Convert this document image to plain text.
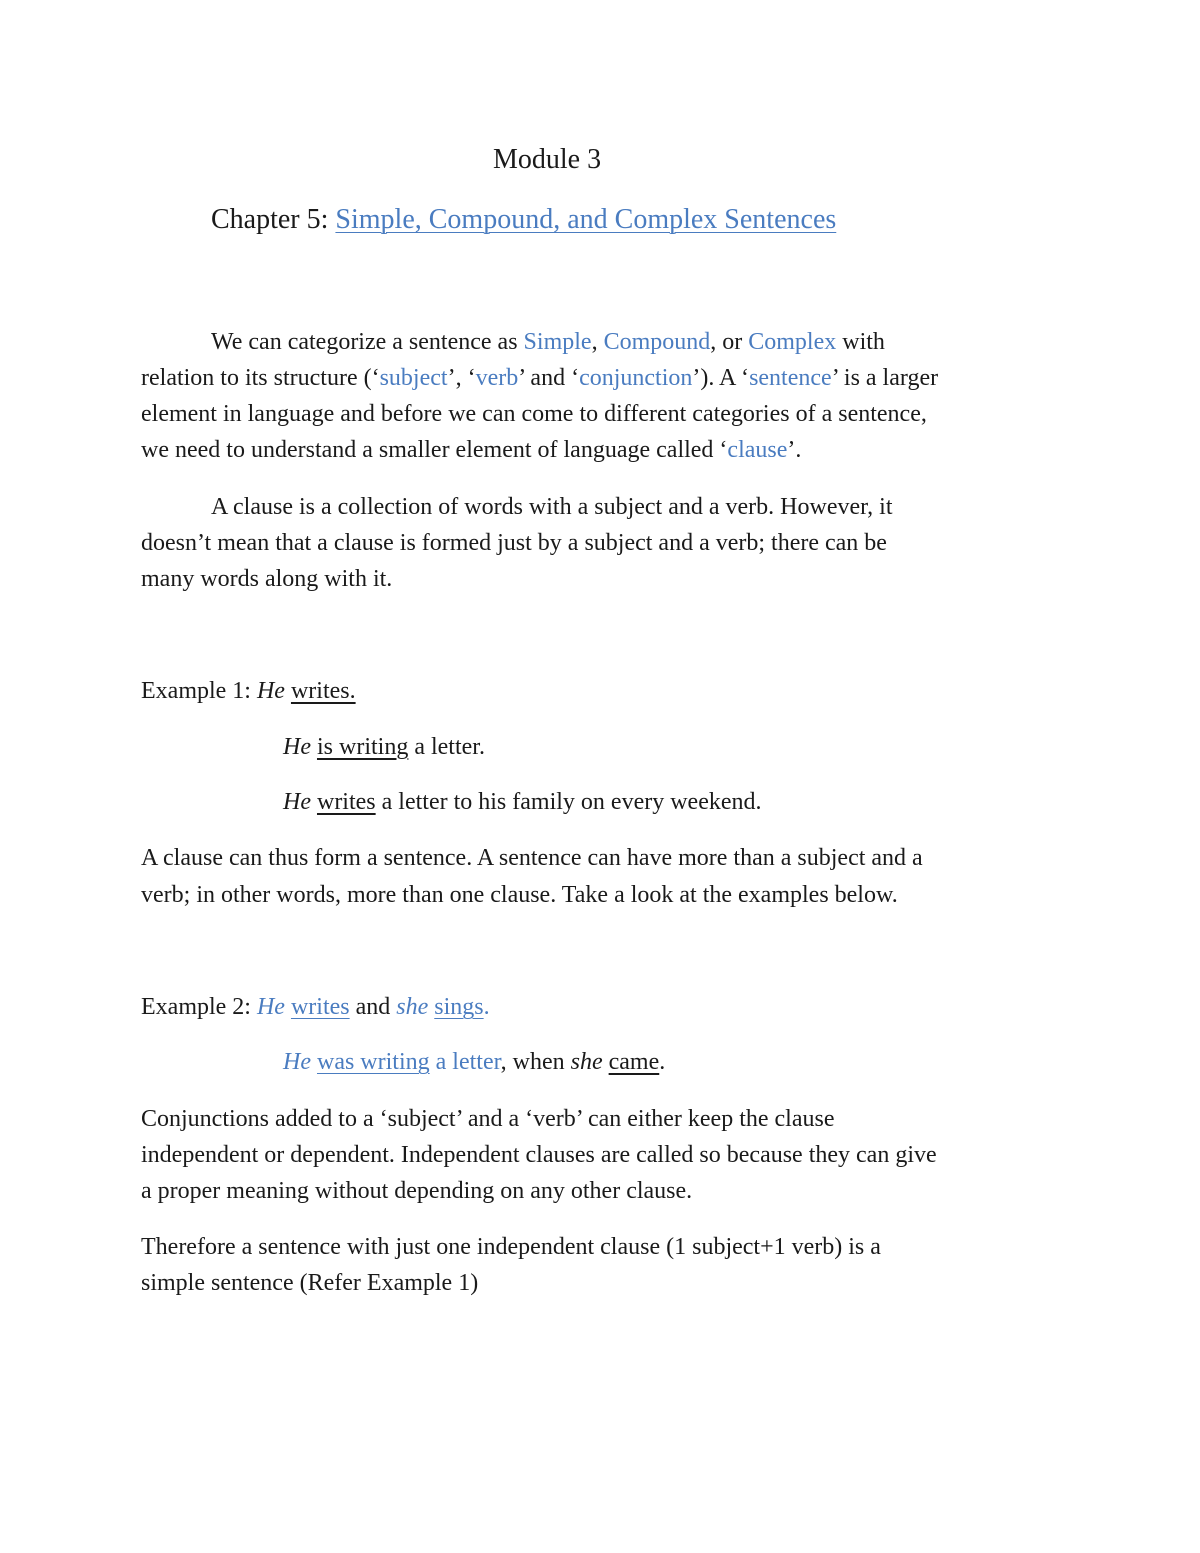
Module 3
Chapter 5: Simple, Compound, and Complex Sentences
We can categorize a sentence as Simple, Compound, or Complex with
relation to its structure (‘subject’, ‘verb’ and ‘conjunction’). A ‘sentence’ is a larger
element in language and before we can come to different categories of a sentence,
we need to understand a smaller element of language called ‘clause’.
A clause is a collection of words with a subject and a verb. However, it
doesn’t mean that a clause is formed just by a subject and a verb; there can be
many words along with it.
Example 1: He writes.
He is writing a letter.
He writes a letter to his family on every weekend.
A clause can thus form a sentence. A sentence can have more than a subject and a
verb; in other words, more than one clause. Take a look at the examples below.
Example 2: He writes and she sings.
He was writing a letter, when she came.
Conjunctions added to a ‘subject’ and a ‘verb’ can either keep the clause
independent or dependent. Independent clauses are called so because they can give
a proper meaning without depending on any other clause.
Therefore a sentence with just one independent clause (1 subject+1 verb) is a
simple sentence (Refer Example 1)
